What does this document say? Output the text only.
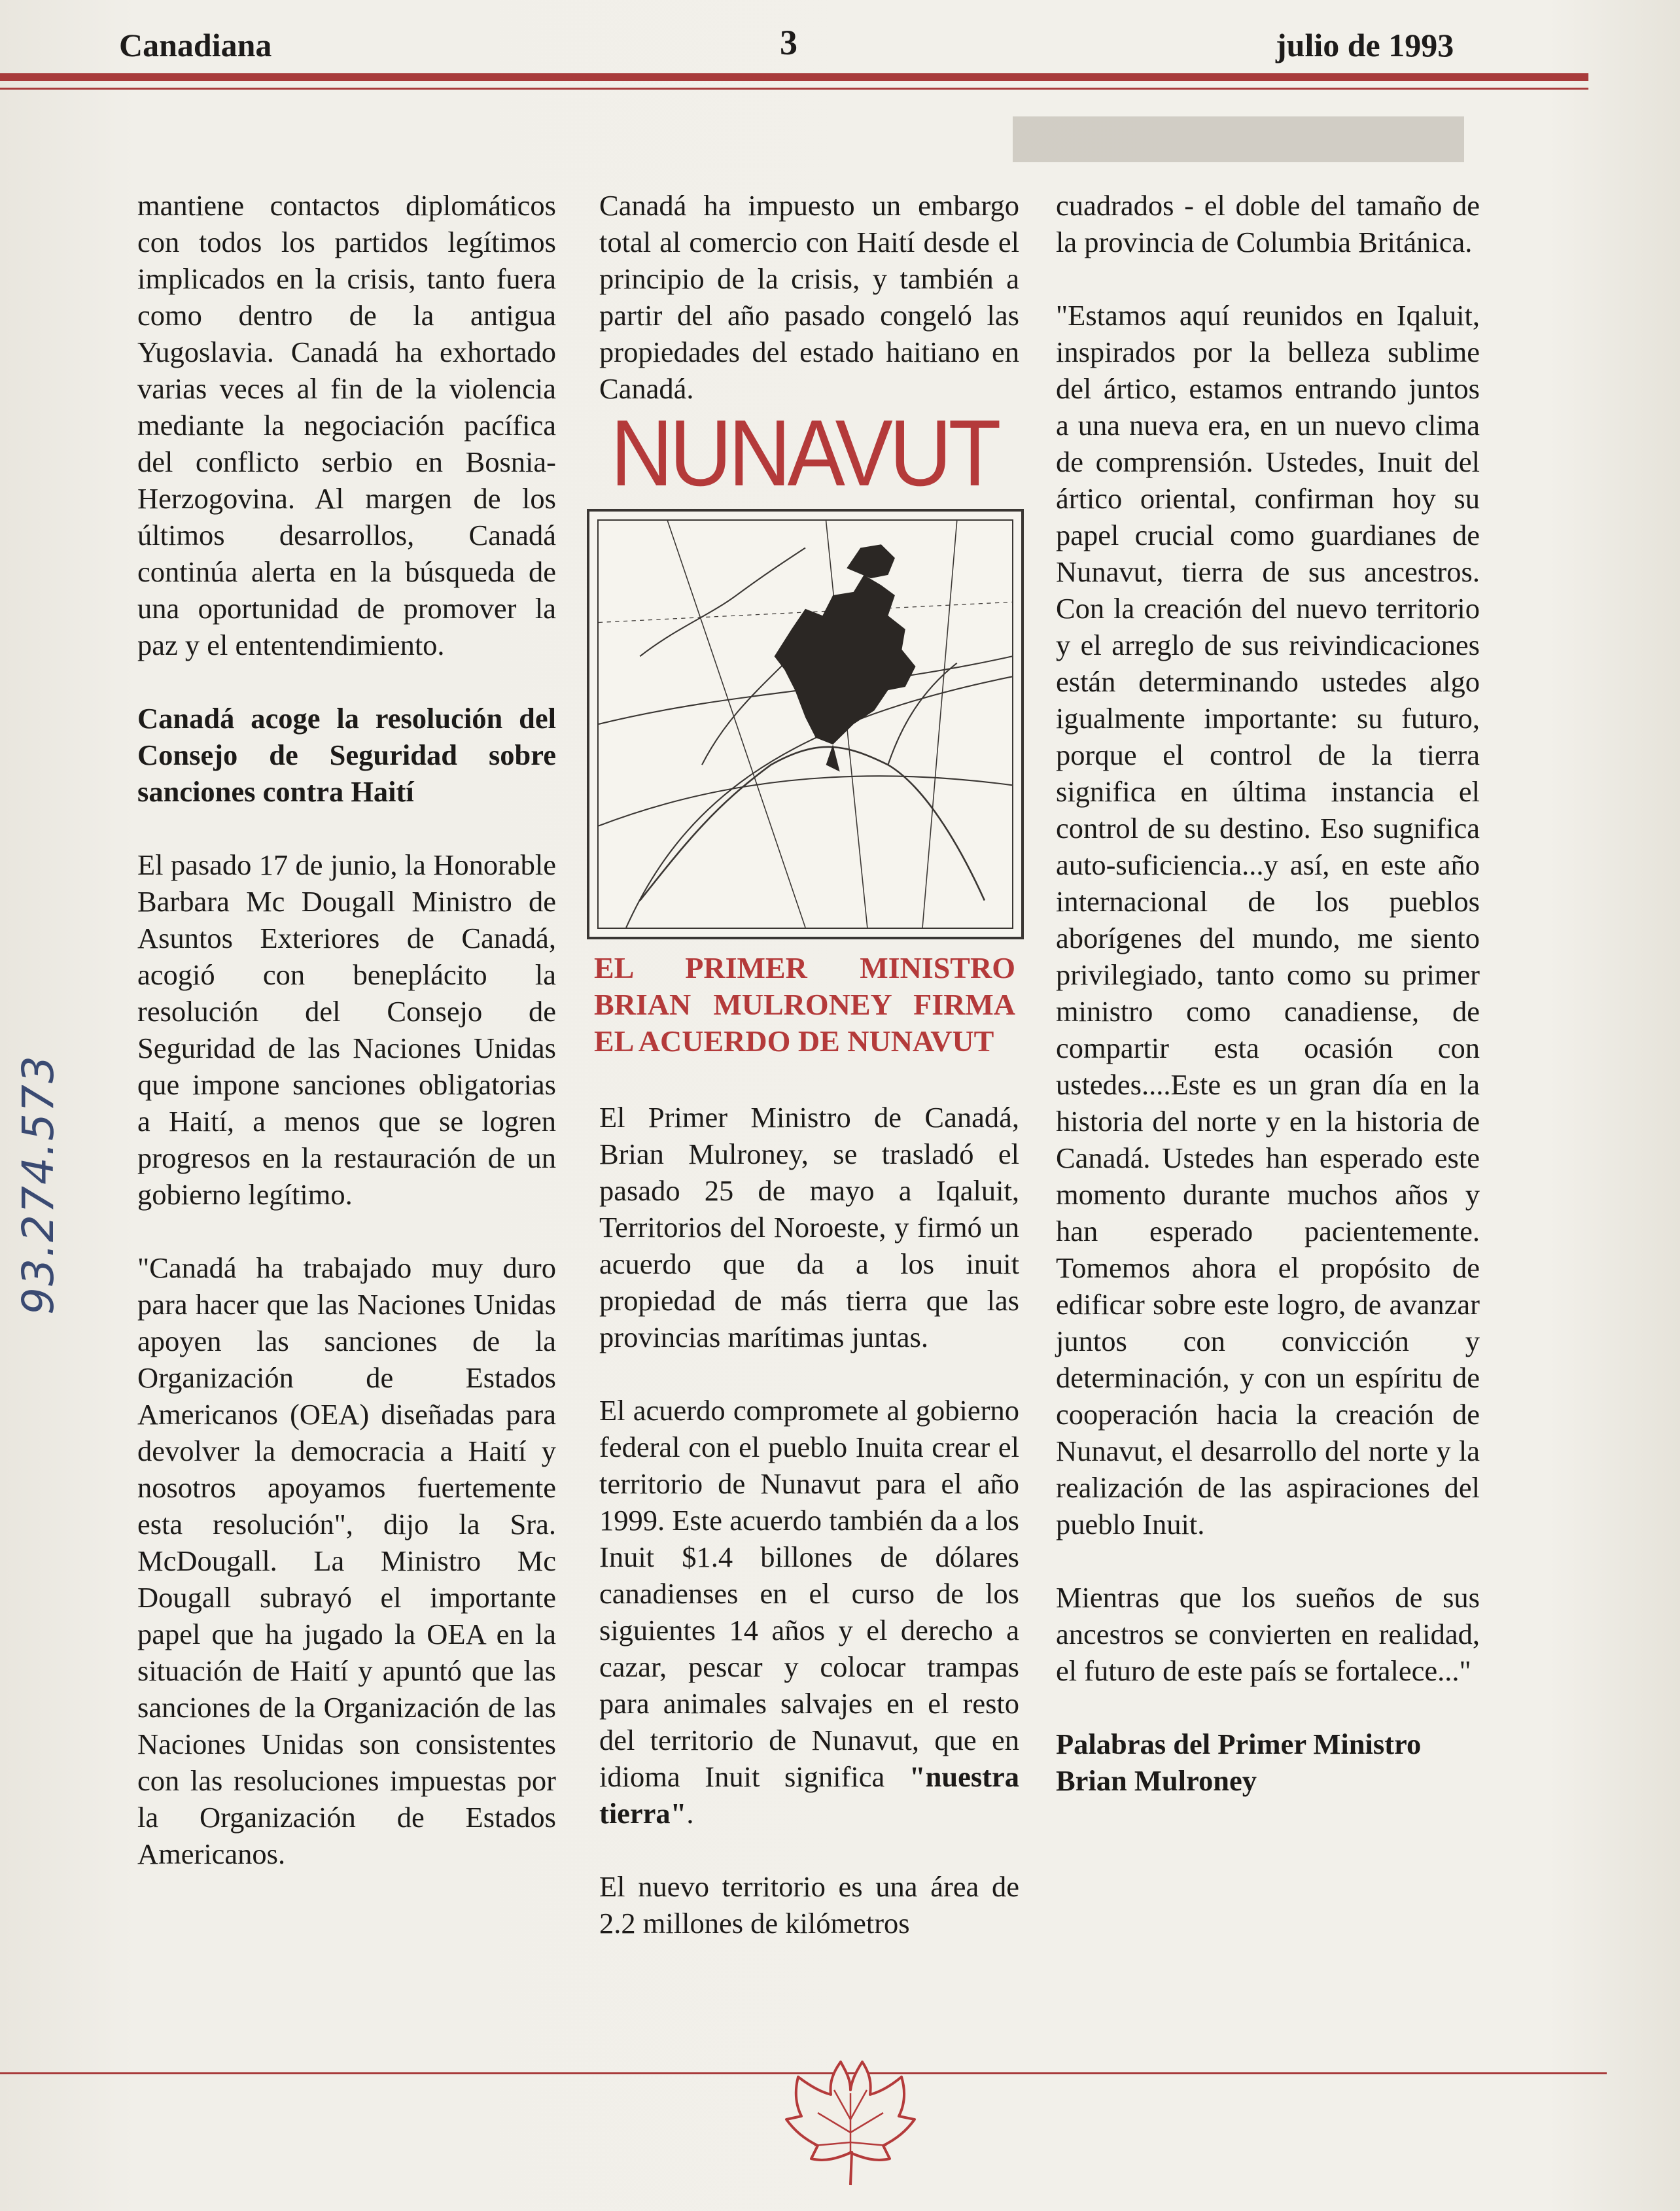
Canadiana	3	julio de 1993
93.274.573

mantiene contactos diplomáticos con todos los partidos legítimos implicados en la crisis, tanto fuera como dentro de la antigua Yugoslavia. Canadá ha exhortado varias veces al fin de la violencia mediante la negociación pacífica del conflicto serbio en Bosnia-Herzogovina. Al margen de los últimos desarrollos, Canadá continúa alerta en la búsqueda de una oportunidad de promover la paz y el ententendimiento.

Canadá acoge la resolución del Consejo de Seguridad sobre sanciones contra Haití

El pasado 17 de junio, la Honorable Barbara Mc Dougall Ministro de Asuntos Exteriores de Canadá, acogió con beneplácito la resolución del Consejo de Seguridad de las Naciones Unidas que impone sanciones obligatorias a Haití, a menos que se logren progresos en la restauración de un gobierno legítimo.

"Canadá ha trabajado muy duro para hacer que las Naciones Unidas apoyen las sanciones de la Organización de Estados Americanos (OEA) diseñadas para devolver la democracia a Haití y nosotros apoyamos fuertemente esta resolución", dijo la Sra. McDougall. La Ministro Mc Dougall subrayó el importante papel que ha jugado la OEA en la situación de Haití y apuntó que las sanciones de la Organización de las Naciones Unidas son consistentes con las resoluciones impuestas por la Organización de Estados Americanos.

Canadá ha impuesto un embargo total al comercio con Haití desde el principio de la crisis, y también a partir del año pasado congeló las propiedades del estado haitiano en Canadá.

NUNAVUT
EL PRIMER MINISTRO BRIAN MULRONEY FIRMA EL ACUERDO DE NUNAVUT

El Primer Ministro de Canadá, Brian Mulroney, se trasladó el pasado 25 de mayo a Iqaluit, Territorios del Noroeste, y firmó un acuerdo que da a los inuit propiedad de más tierra que las provincias marítimas juntas.

El acuerdo compromete al gobierno federal con el pueblo Inuita crear el territorio de Nunavut para el año 1999. Este acuerdo también da a los Inuit $1.4 billones de dólares canadienses en el curso de los siguientes 14 años y el derecho a cazar, pescar y colocar trampas para animales salvajes en el resto del territorio de Nunavut, que en idioma Inuit significa "nuestra tierra".

El nuevo territorio es una área de 2.2 millones de kilómetros

cuadrados - el doble del tamaño de la provincia de Columbia Británica.

"Estamos aquí reunidos en Iqaluit, inspirados por la belleza sublime del ártico, estamos entrando juntos a una nueva era, en un nuevo clima de comprensión. Ustedes, Inuit del ártico oriental, confirman hoy su papel crucial como guardianes de Nunavut, tierra de sus ancestros. Con la creación del nuevo territorio y el arreglo de sus reivindicaciones están determinando ustedes algo igualmente importante: su futuro, porque el control de la tierra significa en última instancia el control de su destino. Eso sugnifica auto-suficiencia...y así, en este año internacional de los pueblos aborígenes del mundo, me siento privilegiado, tanto como su primer ministro como canadiense, de compartir esta ocasión con ustedes....Este es un gran día en la historia del norte y en la historia de Canadá. Ustedes han esperado este momento durante muchos años y han esperado pacientemente. Tomemos ahora el propósito de edificar sobre este logro, de avanzar juntos con convicción y determinación, y con un espíritu de cooperación hacia la creación de Nunavut, el desarrollo del norte y la realización de las aspiraciones del pueblo Inuit.

Mientras que los sueños de sus ancestros se convierten en realidad, el futuro de este país se fortalece..."

Palabras del Primer Ministro Brian Mulroney
